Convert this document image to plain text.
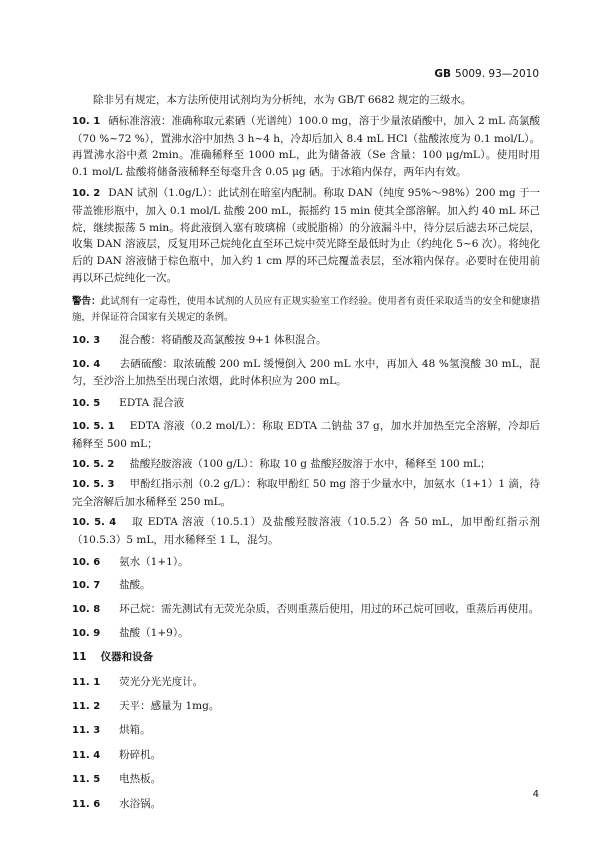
GB 5009. 93—2010

除非另有规定，本方法所使用试剂均为分析纯，水为 GB/T 6682 规定的三级水。

10. 1 硒标准溶液：准确称取元素硒（光谱纯）100.0 mg，溶于少量浓硝酸中，加入 2 mL 高氯酸（70 %~72 %），置沸水浴中加热 3 h~4 h，冷却后加入 8.4 mL HCl（盐酸浓度为 0.1 mol/L）。再置沸水浴中煮 2min。准确稀释至 1000 mL，此为储备液（Se 含量：100 μg/mL）。使用时用 0.1 mol/L 盐酸将储备液稀释至每毫升含 0.05 μg 硒。于冰箱内保存，两年内有效。

10. 2 DAN 试剂（1.0g/L）：此试剂在暗室内配制。称取 DAN（纯度 95%～98%）200 mg 于一带盖锥形瓶中，加入 0.1 mol/L 盐酸 200 mL，振摇约 15 min 使其全部溶解。加入约 40 mL 环己烷，继续振荡 5 min。将此液倒入塞有玻璃棉（或脱脂棉）的分液漏斗中，待分层后滤去环己烷层，收集 DAN 溶液层，反复用环己烷纯化直至环己烷中荧光降至最低时为止（约纯化 5~6 次）。将纯化后的 DAN 溶液储于棕色瓶中，加入约 1 cm 厚的环己烷覆盖表层，至冰箱内保存。必要时在使用前再以环己烷纯化一次。

警告：此试剂有一定毒性，使用本试剂的人员应有正规实验室工作经验。使用者有责任采取适当的安全和健康措施，并保证符合国家有关规定的条例。

10. 3 混合酸：将硝酸及高氯酸按 9+1 体积混合。

10. 4 去硒硫酸：取浓硫酸 200 mL 缓慢倒入 200 mL 水中，再加入 48 %氢溴酸 30 mL，混匀，至沙浴上加热至出现白浓烟，此时体积应为 200 mL。

10. 5 EDTA 混合液

10. 5. 1 EDTA 溶液（0.2 mol/L）：称取 EDTA 二钠盐 37 g，加水并加热至完全溶解，冷却后稀释至 500 mL；

10. 5. 2 盐酸羟胺溶液（100 g/L）：称取 10 g 盐酸羟胺溶于水中，稀释至 100 mL；

10. 5. 3 甲酚红指示剂（0.2 g/L）：称取甲酚红 50 mg 溶于少量水中，加氨水（1+1）1 滴，待完全溶解后加水稀释至 250 mL。

10. 5. 4 取 EDTA 溶液（10.5.1）及盐酸羟胺溶液（10.5.2）各 50 mL，加甲酚红指示剂（10.5.3）5 mL，用水稀释至 1 L，混匀。

10. 6 氨水（1+1）。

10. 7 盐酸。

10. 8 环己烷：需先测试有无荧光杂质，否则重蒸后使用，用过的环己烷可回收，重蒸后再使用。

10. 9 盐酸（1+9）。

11 仪器和设备

11. 1 荧光分光光度计。

11. 2 天平：感量为 1mg。

11. 3 烘箱。

11. 4 粉碎机。

11. 5 电热板。

11. 6 水浴锅。

4
